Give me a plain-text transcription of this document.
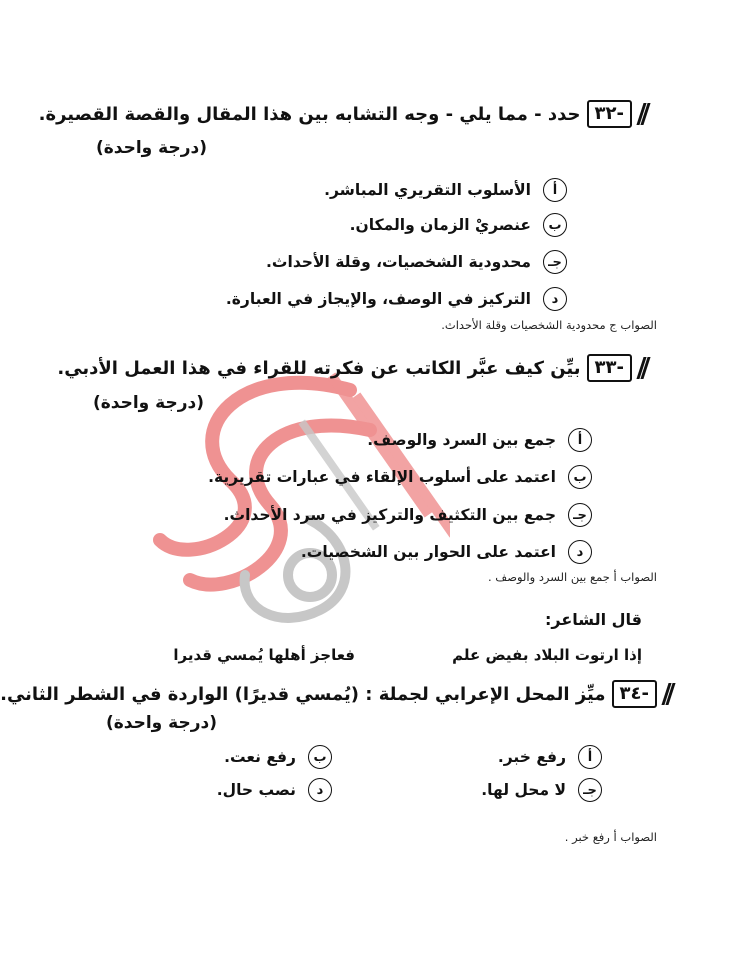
-٣٢
حدد - مما يلي - وجه التشابه بين هذا المقال والقصة القصيرة.
(درجة واحدة)
أ
الأسلوب التقريري المباشر.
ب
عنصريْ الزمان والمكان.
جـ
محدودية الشخصيات، وقلة الأحداث.
د
التركيز في الوصف، والإيجاز في العبارة.
الصواب ج محدودية الشخصيات وقلة الأحداث.
-٣٣
بيِّن كيف عبَّر الكاتب عن فكرته للقراء في هذا العمل الأدبي.
(درجة واحدة)
أ
جمع بين السرد والوصف.
ب
اعتمد على أسلوب الإلقاء في عبارات تقريرية.
جـ
جمع بين التكثيف والتركيز في سرد الأحداث.
د
اعتمد على الحوار بين الشخصيات.
الصواب أ جمع بين السرد والوصف .
قال الشاعر:
إذا ارتوت البلاد بفيض علم
فعاجز أهلها يُمسي قديرا
-٣٤
ميِّز المحل الإعرابي لجملة : (يُمسي قديرًا) الواردة في الشطر الثاني.
(درجة واحدة)
أ
رفع خبر.
ب
رفع نعت.
جـ
لا محل لها.
د
نصب حال.
الصواب أ رفع خبر .
